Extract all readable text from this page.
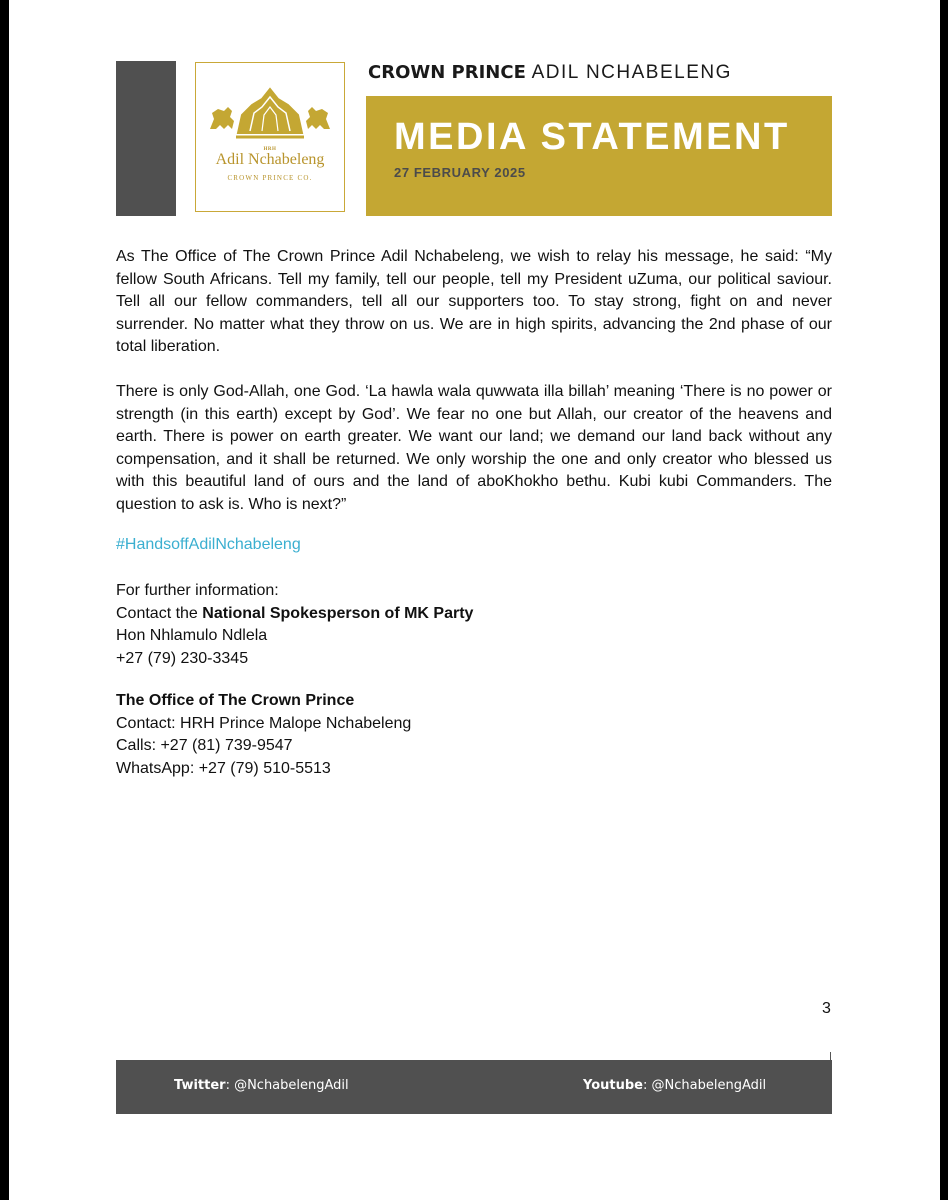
HRH
Adil Nchabeleng
CROWN PRINCE CO.
CROWN PRINCE ADIL NCHABELENG
MEDIA STATEMENT
27 FEBRUARY 2025

As The Office of The Crown Prince Adil Nchabeleng, we wish to relay his message, he said: “My fellow South Africans. Tell my family, tell our people, tell my President uZuma, our political saviour. Tell all our fellow commanders, tell all our supporters too. To stay strong, fight on and never surrender. No matter what they throw on us. We are in high spirits, advancing the 2nd phase of our total liberation.

There is only God-Allah, one God. ‘La hawla wala quwwata illa billah’ meaning ‘There is no power or strength (in this earth) except by God’. We fear no one but Allah, our creator of the heavens and earth. There is power on earth greater. We want our land; we demand our land back without any compensation, and it shall be returned. We only worship the one and only creator who blessed us with this beautiful land of ours and the land of aboKhokho bethu. Kubi kubi Commanders. The question to ask is. Who is next?”

#HandsoffAdilNchabeleng
For further information:
Contact the National Spokesperson of MK Party
Hon Nhlamulo Ndlela
+27 (79) 230-3345
The Office of The Crown Prince
Contact: HRH Prince Malope Nchabeleng
Calls: +27 (81) 739-9547
WhatsApp: +27 (79) 510-5513
3
Twitter: @NchabelengAdil	Youtube: @NchabelengAdil
